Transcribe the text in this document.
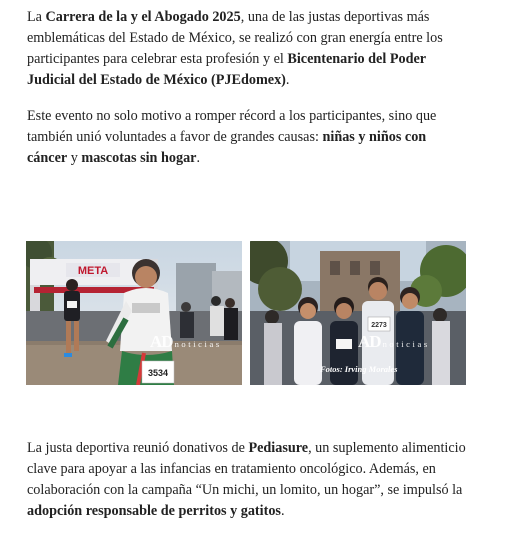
La Carrera de la y el Abogado 2025, una de las justas deportivas más emblemáticas del Estado de México, se realizó con gran energía entre los participantes para celebrar esta profesión y el Bicentenario del Poder Judicial del Estado de México (PJEdomex).

Este evento no solo motivo a romper récord a los participantes, sino que también unió voluntades a favor de grandes causas: niñas y niños con cáncer y mascotas sin hogar.

META
3534
AD noticias
2273
AD noticias
Fotos: Irving Morales

La justa deportiva reunió donativos de Pediasure, un suplemento alimenticio clave para apoyar a las infancias en tratamiento oncológico. Además, en colaboración con la campaña “Un michi, un lomito, un hogar”, se impulsó la adopción responsable de perritos y gatitos.
